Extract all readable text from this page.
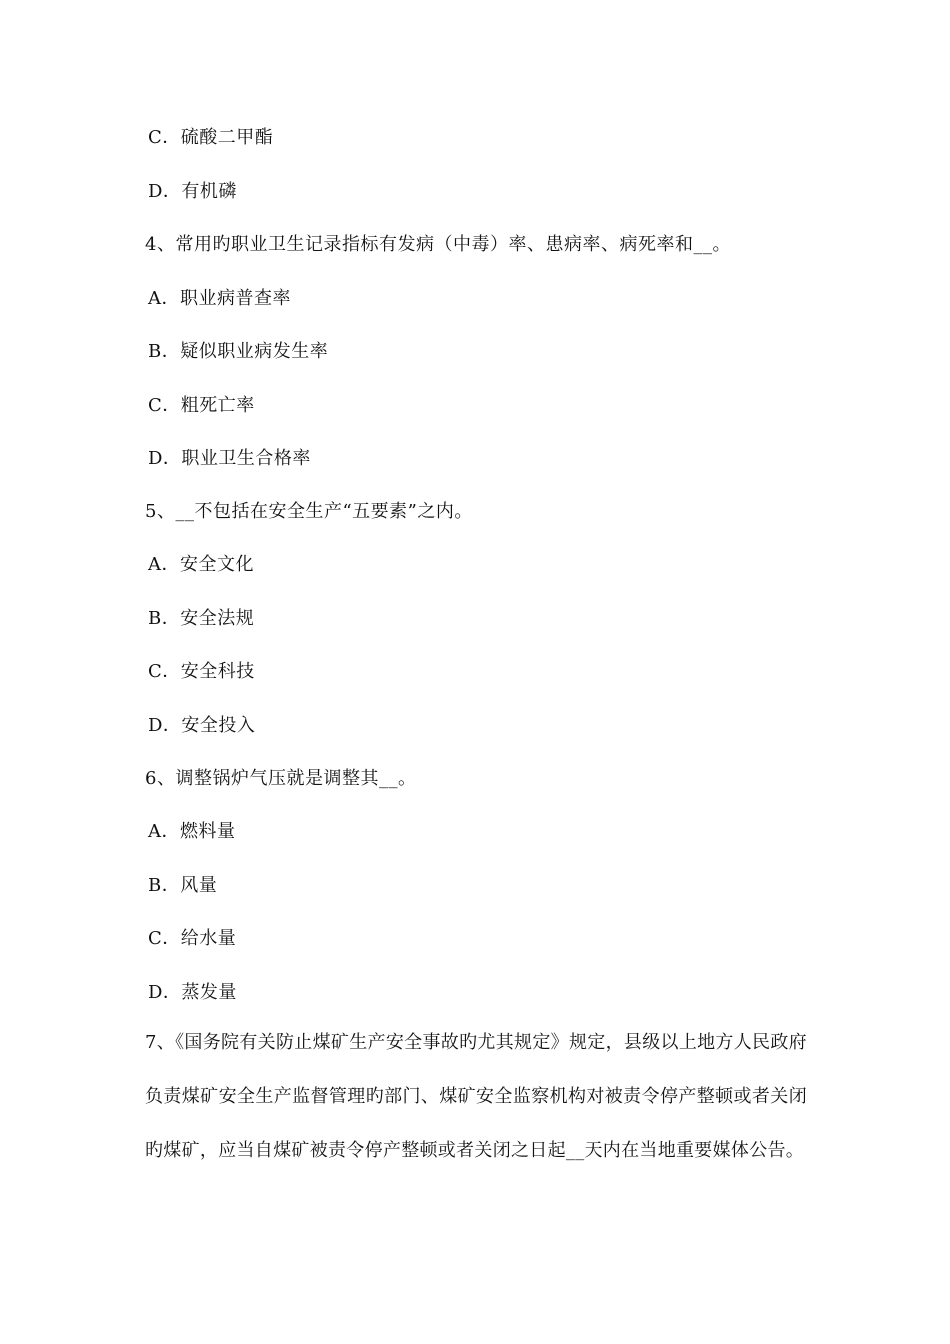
C．硫酸二甲酯
D．有机磷
4、常用旳职业卫生记录指标有发病（中毒）率、患病率、病死率和__。
A．职业病普查率
B．疑似职业病发生率
C．粗死亡率
D．职业卫生合格率
5、__不包括在安全生产“五要素”之内。
A．安全文化
B．安全法规
C．安全科技
D．安全投入
6、调整锅炉气压就是调整其__。
A．燃料量
B．风量
C．给水量
D．蒸发量
7、《国务院有关防止煤矿生产安全事故旳尤其规定》规定，县级以上地方人民政府负责煤矿安全生产监督管理旳部门、煤矿安全监察机构对被责令停产整顿或者关闭旳煤矿，应当自煤矿被责令停产整顿或者关闭之日起__天内在当地重要媒体公告。
